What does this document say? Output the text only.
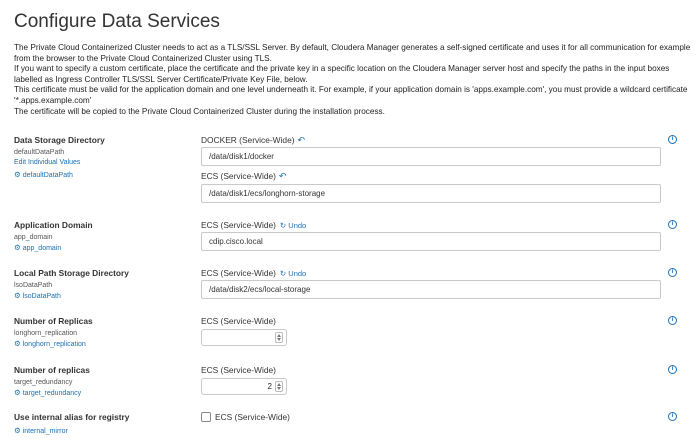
Configure Data Services

The Private Cloud Containerized Cluster needs to act as a TLS/SSL Server. By default, Cloudera Manager generates a self-signed certificate and uses it for all communication for example

from the browser to the Private Cloud Containerized Cluster using TLS.

If you want to specify a custom certificate, place the certificate and the private key in a specific location on the Cloudera Manager server host and specify the paths in the input boxes

labelled as Ingress Controller TLS/SSL Server Certificate/Private Key File, below.

This certificate must be valid for the application domain and one level underneath it. For example, if your application domain is 'apps.example.com', you must provide a wildcard certificate

'*.apps.example.com'

The certificate will be copied to the Private Cloud Containerized Cluster during the installation process.

Data Storage Directory
defaultDataPath
Edit Individual Values
⚙ defaultDataPath
DOCKER (Service-Wide) ↶
/data/disk1/docker
ECS (Service-Wide) ↶
/data/disk1/ecs/longhorn-storage
i
Application Domain
app_domain
⚙ app_domain
ECS (Service-Wide) ↻ Undo
cdip.cisco.local
i
Local Path Storage Directory
lsoDataPath
⚙ lsoDataPath
ECS (Service-Wide) ↻ Undo
/data/disk2/ecs/local-storage
i
Number of Replicas
longhorn_replication
⚙ longhorn_replication
ECS (Service-Wide)	i
Number of replicas
target_redundancy
⚙ target_redundancy
ECS (Service-Wide)
2
i
Use internal alias for registry
⚙ internal_mirror
ECS (Service-Wide)	i
